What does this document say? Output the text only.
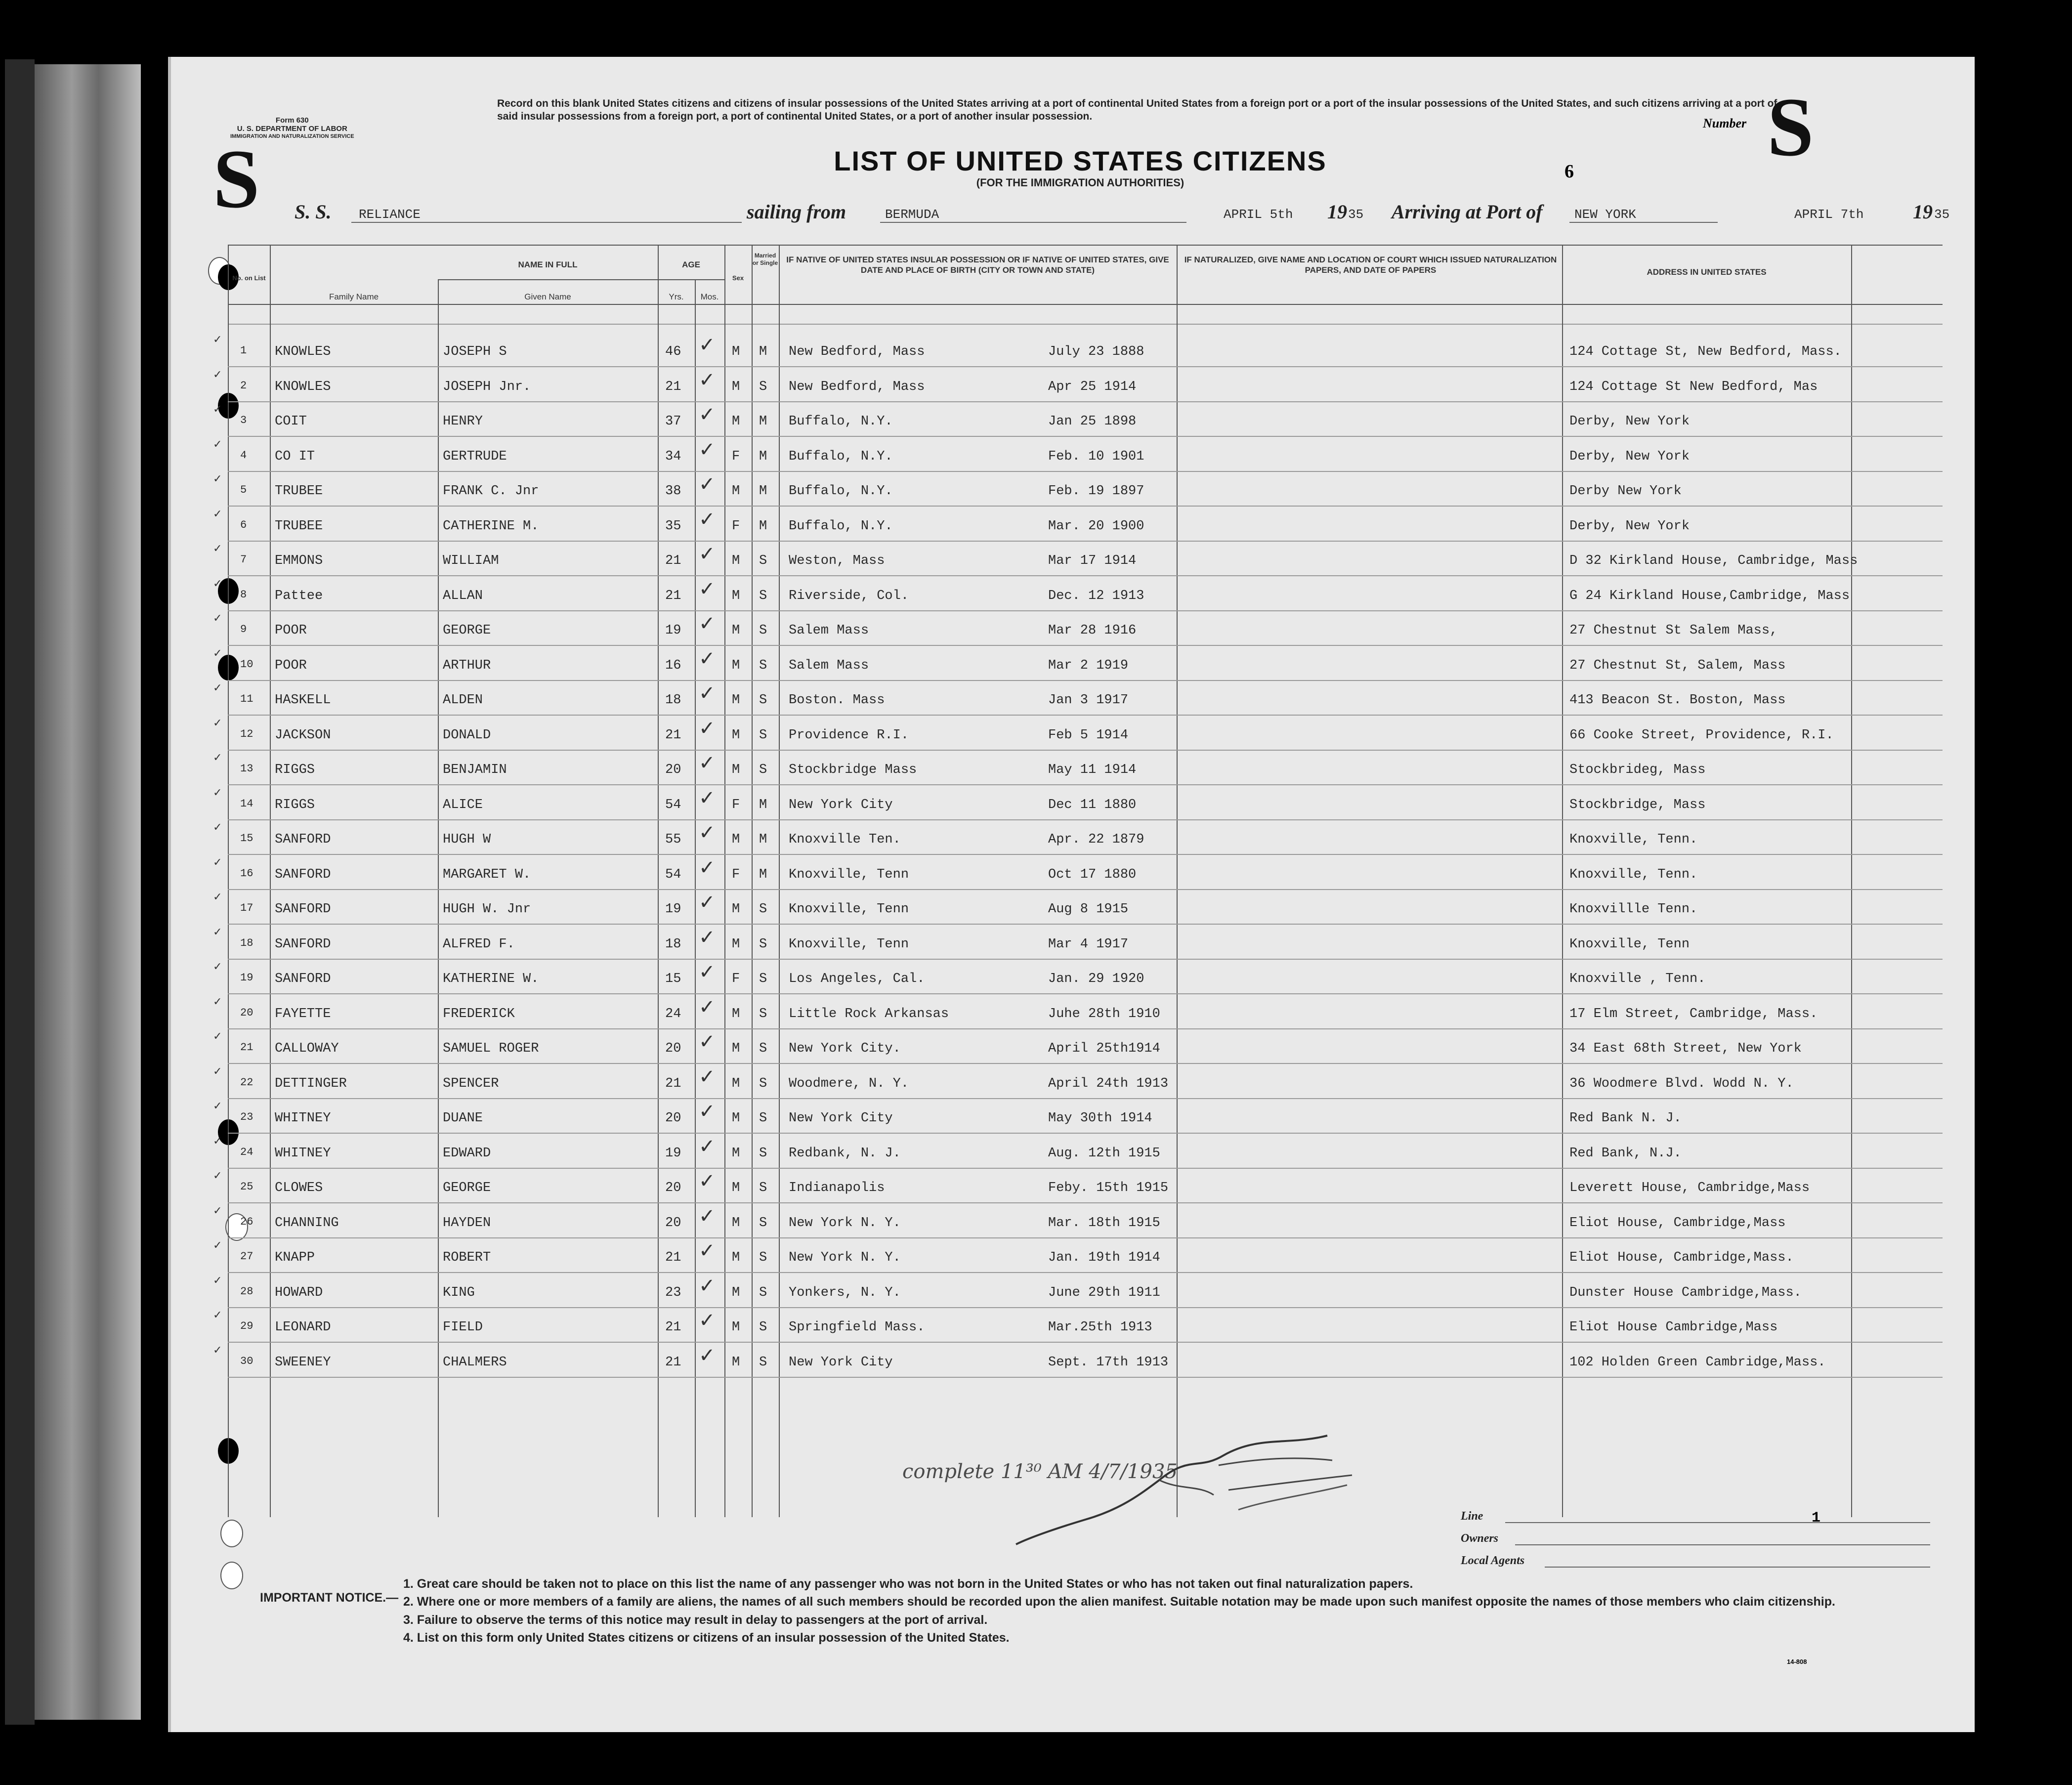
Form 630
U. S. DEPARTMENT OF LABOR
IMMIGRATION AND NATURALIZATION SERVICE
S
Record on this blank United States citizens and citizens of insular possessions of the United States arriving at a port of continental United States from a foreign port or a port of the insular possessions of the United States, and such citizens arriving at a port of said insular possessions from a foreign port, a port of continental United States, or a port of another insular possession.
LIST OF UNITED STATES CITIZENS
(FOR THE IMMIGRATION AUTHORITIES)
6
Number S
S. S. RELIANCE	sailing from	BERMUDA	APRIL 5th 19 35 Arriving at Port of NEW YORK	APRIL 7th 19 35
No. on List
NAME IN FULL
Family Name	Given Name
AGE
Yrs.	Mos.
Sex
Married or Single	IF NATIVE OF UNITED STATES INSULAR POSSESSION OR IF NATIVE OF UNITED STATES, GIVE DATE AND PLACE OF BIRTH (CITY OR TOWN AND STATE)
IF NATURALIZED, GIVE NAME AND LOCATION OF COURT WHICH ISSUED NATURALIZATION PAPERS, AND DATE OF PAPERS	ADDRESS IN UNITED STATES
✓	✓
1 KNOWLES	JOSEPH S	46	M M New Bedford, Mass	July 23 1888	124 Cottage St, New Bedford, Mass.
✓	✓
2 KNOWLES	JOSEPH Jnr.	21	M S New Bedford, Mass	Apr 25 1914	124 Cottage St New Bedford, Mas
✓	✓
3 COIT	HENRY	37	M M Buffalo, N.Y.	Jan 25 1898	Derby, New York
✓	✓
4 CO IT	GERTRUDE	34	F M Buffalo, N.Y.	Feb. 10 1901	Derby, New York
✓	✓
5 TRUBEE	FRANK C. Jnr	38	M M Buffalo, N.Y.	Feb. 19 1897	Derby New York
✓	✓
6 TRUBEE	CATHERINE M.	35	F M Buffalo, N.Y.	Mar. 20 1900	Derby, New York
✓	✓
7 EMMONS	WILLIAM	21	M S Weston, Mass	Mar 17 1914	D 32 Kirkland House, Cambridge, Mass
✓	✓
8 Pattee	ALLAN	21	M S Riverside, Col.	Dec. 12 1913	G 24 Kirkland House,Cambridge, Mass
✓	✓
9 POOR	GEORGE	19	M S Salem Mass	Mar 28 1916	27 Chestnut St Salem Mass,
✓	✓
10 POOR	ARTHUR	16	M S Salem Mass	Mar 2 1919	27 Chestnut St, Salem, Mass
✓	✓
11 HASKELL	ALDEN	18	M S Boston. Mass	Jan 3 1917	413 Beacon St. Boston, Mass
✓	✓
12 JACKSON	DONALD	21	M S Providence R.I.	Feb 5 1914	66 Cooke Street, Providence, R.I.
✓	✓
13 RIGGS	BENJAMIN	20	M S Stockbridge Mass	May 11 1914	Stockbrideg, Mass
✓	✓
14 RIGGS	ALICE	54	F M New York City	Dec 11 1880	Stockbridge, Mass
✓	✓
15 SANFORD	HUGH W	55	M M Knoxville Ten.	Apr. 22 1879	Knoxville, Tenn.
✓	✓
16 SANFORD	MARGARET W.	54	F M Knoxville, Tenn	Oct 17 1880	Knoxville, Tenn.
✓	✓
17 SANFORD	HUGH W. Jnr	19	M S Knoxville, Tenn	Aug 8 1915	Knoxvillle Tenn.
✓	✓
18 SANFORD	ALFRED F.	18	M S Knoxville, Tenn	Mar 4 1917	Knoxville, Tenn
✓	✓
19 SANFORD	KATHERINE W.	15	F S Los Angeles, Cal.	Jan. 29 1920	Knoxville , Tenn.
✓	✓
20 FAYETTE	FREDERICK	24	M S Little Rock Arkansas	Juhe 28th 1910	17 Elm Street, Cambridge, Mass.
✓	✓
21 CALLOWAY	SAMUEL ROGER	20	M S New York City.	April 25th1914	34 East 68th Street, New York
✓	✓
22 DETTINGER	SPENCER	21	M S Woodmere, N. Y.	April 24th 1913	36 Woodmere Blvd. Wodd N. Y.
✓	✓
23 WHITNEY	DUANE	20	M S New York City	May 30th 1914	Red Bank N. J.
✓	✓
24 WHITNEY	EDWARD	19	M S Redbank, N. J.	Aug. 12th 1915	Red Bank, N.J.
✓	✓
25 CLOWES	GEORGE	20	M S Indianapolis	Feby. 15th 1915	Leverett House, Cambridge,Mass
✓	✓
26 CHANNING	HAYDEN	20	M S New York N. Y.	Mar. 18th 1915	Eliot House, Cambridge,Mass
✓	✓
27 KNAPP	ROBERT	21	M S New York N. Y.	Jan. 19th 1914	Eliot House, Cambridge,Mass.
✓	✓
28 HOWARD	KING	23	M S Yonkers, N. Y.	June 29th 1911	Dunster House Cambridge,Mass.
✓	✓
29 LEONARD	FIELD	21	M S Springfield Mass.	Mar.25th 1913	Eliot House Cambridge,Mass
✓	✓
30 SWEENEY	CHALMERS	21	M S New York City	Sept. 17th 1913	102 Holden Green Cambridge,Mass.
complete 11³⁰ AM 4/7/1935
Line	1
Owners
Local Agents
IMPORTANT NOTICE.—
1. Great care should be taken not to place on this list the name of any passenger who was not born in the United States or who has not taken out final naturalization papers.
2. Where one or more members of a family are aliens, the names of all such members should be recorded upon the alien manifest. Suitable notation may be made upon such manifest opposite the names of those members who claim citizenship.
3. Failure to observe the terms of this notice may result in delay to passengers at the port of arrival.
4. List on this form only United States citizens or citizens of an insular possession of the United States.
14-808
